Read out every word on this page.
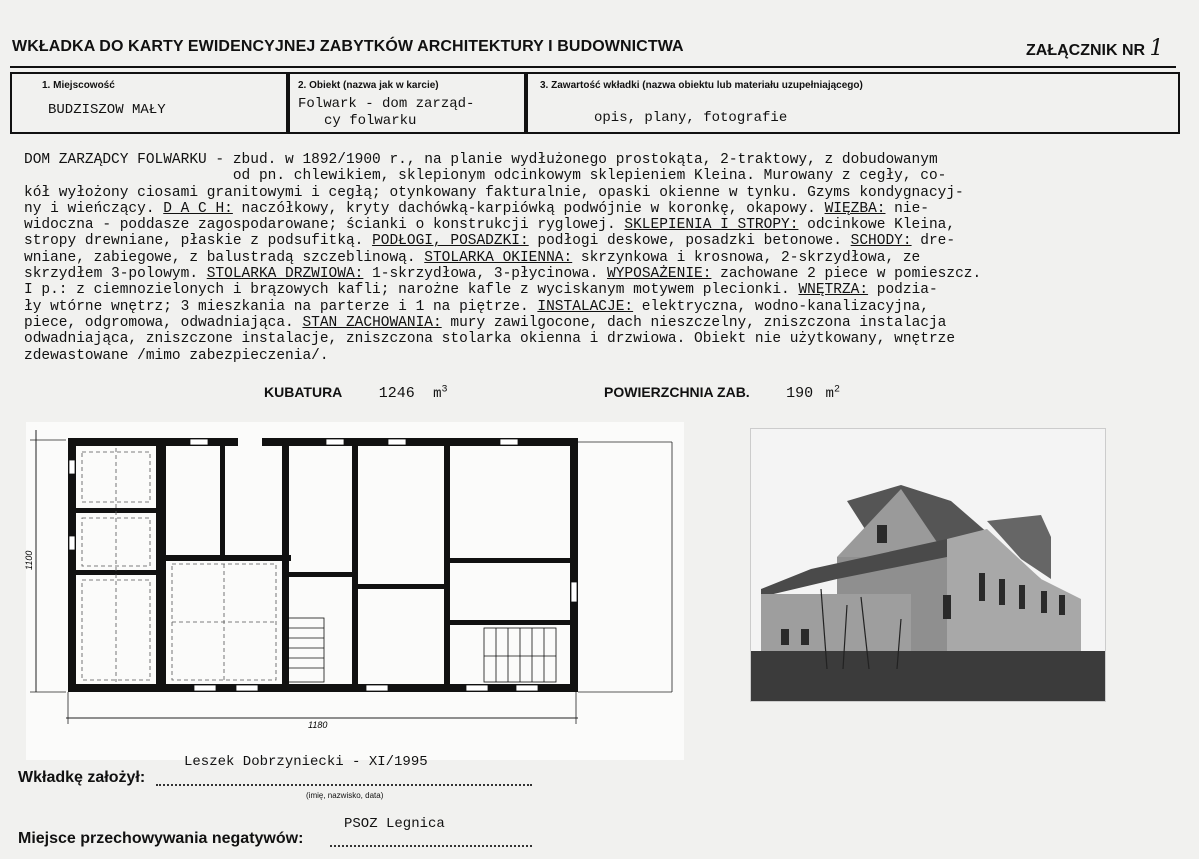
WKŁADKA DO KARTY EWIDENCYJNEJ ZABYTKÓW ARCHITEKTURY I BUDOWNICTWA	ZAŁĄCZNIK NR 1
1. Miejscowość
BUDZISZOW MAŁY
2. Obiekt (nazwa jak w karcie)
Folwark - dom zarząd-
cy folwarku
3. Zawartość wkładki (nazwa obiektu lub materiału uzupełniającego)
opis, plany, fotografie
DOM ZARZĄDCY FOLWARKU - zbud. w 1892/1900 r., na planie wydłużonego prostokąta, 2-traktowy, z dobudowanym
od pn. chlewikiem, sklepionym odcinkowym sklepieniem Kleina. Murowany z cegły, co-
kół wyłożony ciosami granitowymi i cegłą; otynkowany fakturalnie, opaski okienne w tynku. Gzyms kondygnacyj-
ny i wieńczący. D A C H: naczółkowy, kryty dachówką-karpiówką podwójnie w koronkę, okapowy. WIĘZBA: nie-
widoczna - poddasze zagospodarowane; ścianki o konstrukcji ryglowej. SKLEPIENIA I STROPY: odcinkowe Kleina,
stropy drewniane, płaskie z podsufitką. PODŁOGI, POSADZKI: podłogi deskowe, posadzki betonowe. SCHODY: dre-
wniane, zabiegowe, z balustradą szczeblinową. STOLARKA OKIENNA: skrzynkowa i krosnowa, 2-skrzydłowa, ze
skrzydłem 3-polowym. STOLARKA DRZWIOWA: 1-skrzydłowa, 3-płycinowa. WYPOSAŻENIE: zachowane 2 piece w pomieszcz.
I p.: z ciemnozielonych i brązowych kafli; narożne kafle z wyciskanym motywem plecionki. WNĘTRZA: podzia-
ły wtórne wnętrz; 3 mieszkania na parterze i 1 na piętrze. INSTALACJE: elektryczna, wodno-kanalizacyjna,
piece, odgromowa, odwadniająca. STAN ZACHOWANIA: mury zawilgocone, dach nieszczelny, zniszczona instalacja
odwadniająca, zniszczone instalacje, zniszczona stolarka okienna i drzwiowa. Obiekt nie użytkowany, wnętrze
zdewastowane /mimo zabezpieczenia/.
KUBATURA 1246 $m^3$	POWIERZCHNIA ZAB. 190 $m^2$
1100
1180
Leszek Dobrzyniecki - XI/1995
Wkładkę założył:
(imię, nazwisko, data)
PSOZ Legnica
Miejsce przechowywania negatywów:
